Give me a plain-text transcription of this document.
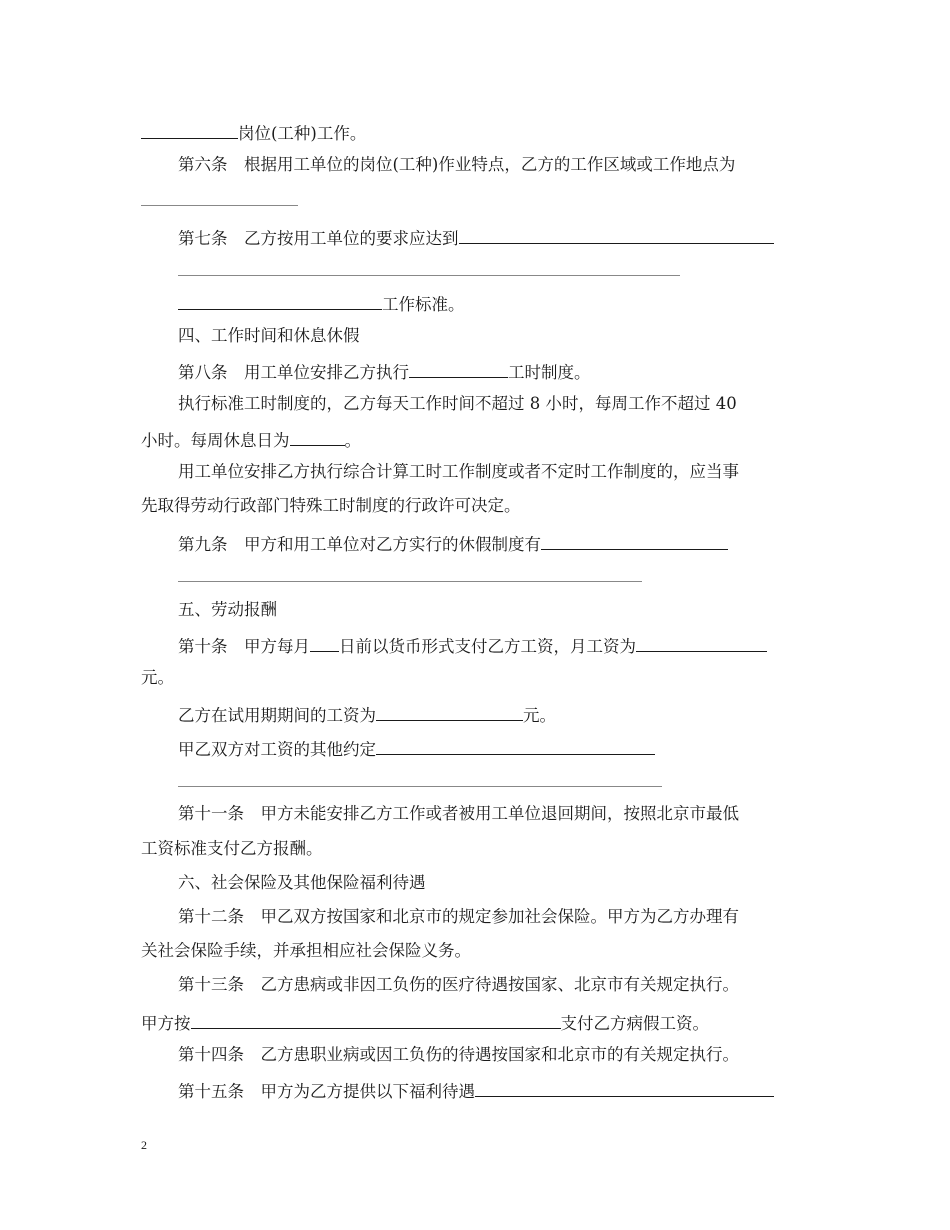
岗位(工种)工作。
第六条　根据用工单位的岗位(工种)作业特点，乙方的工作区域或工作地点为
第七条　乙方按用工单位的要求应达到
工作标准。
四、工作时间和休息休假
第八条　用工单位安排乙方执行	工时制度。
执行标准工时制度的，乙方每天工作时间不超过 8 小时，每周工作不超过 40
小时。每周休息日为	。
用工单位安排乙方执行综合计算工时工作制度或者不定时工作制度的，应当事
先取得劳动行政部门特殊工时制度的行政许可决定。
第九条　甲方和用工单位对乙方实行的休假制度有
五、劳动报酬
第十条　甲方每月 日前以货币形式支付乙方工资，月工资为
元。
乙方在试用期期间的工资为	元。
甲乙双方对工资的其他约定
第十一条　甲方未能安排乙方工作或者被用工单位退回期间，按照北京市最低
工资标准支付乙方报酬。
六、社会保险及其他保险福利待遇
第十二条　甲乙双方按国家和北京市的规定参加社会保险。甲方为乙方办理有
关社会保险手续，并承担相应社会保险义务。
第十三条　乙方患病或非因工负伤的医疗待遇按国家、北京市有关规定执行。
甲方按	支付乙方病假工资。
第十四条　乙方患职业病或因工负伤的待遇按国家和北京市的有关规定执行。
第十五条　甲方为乙方提供以下福利待遇
2
